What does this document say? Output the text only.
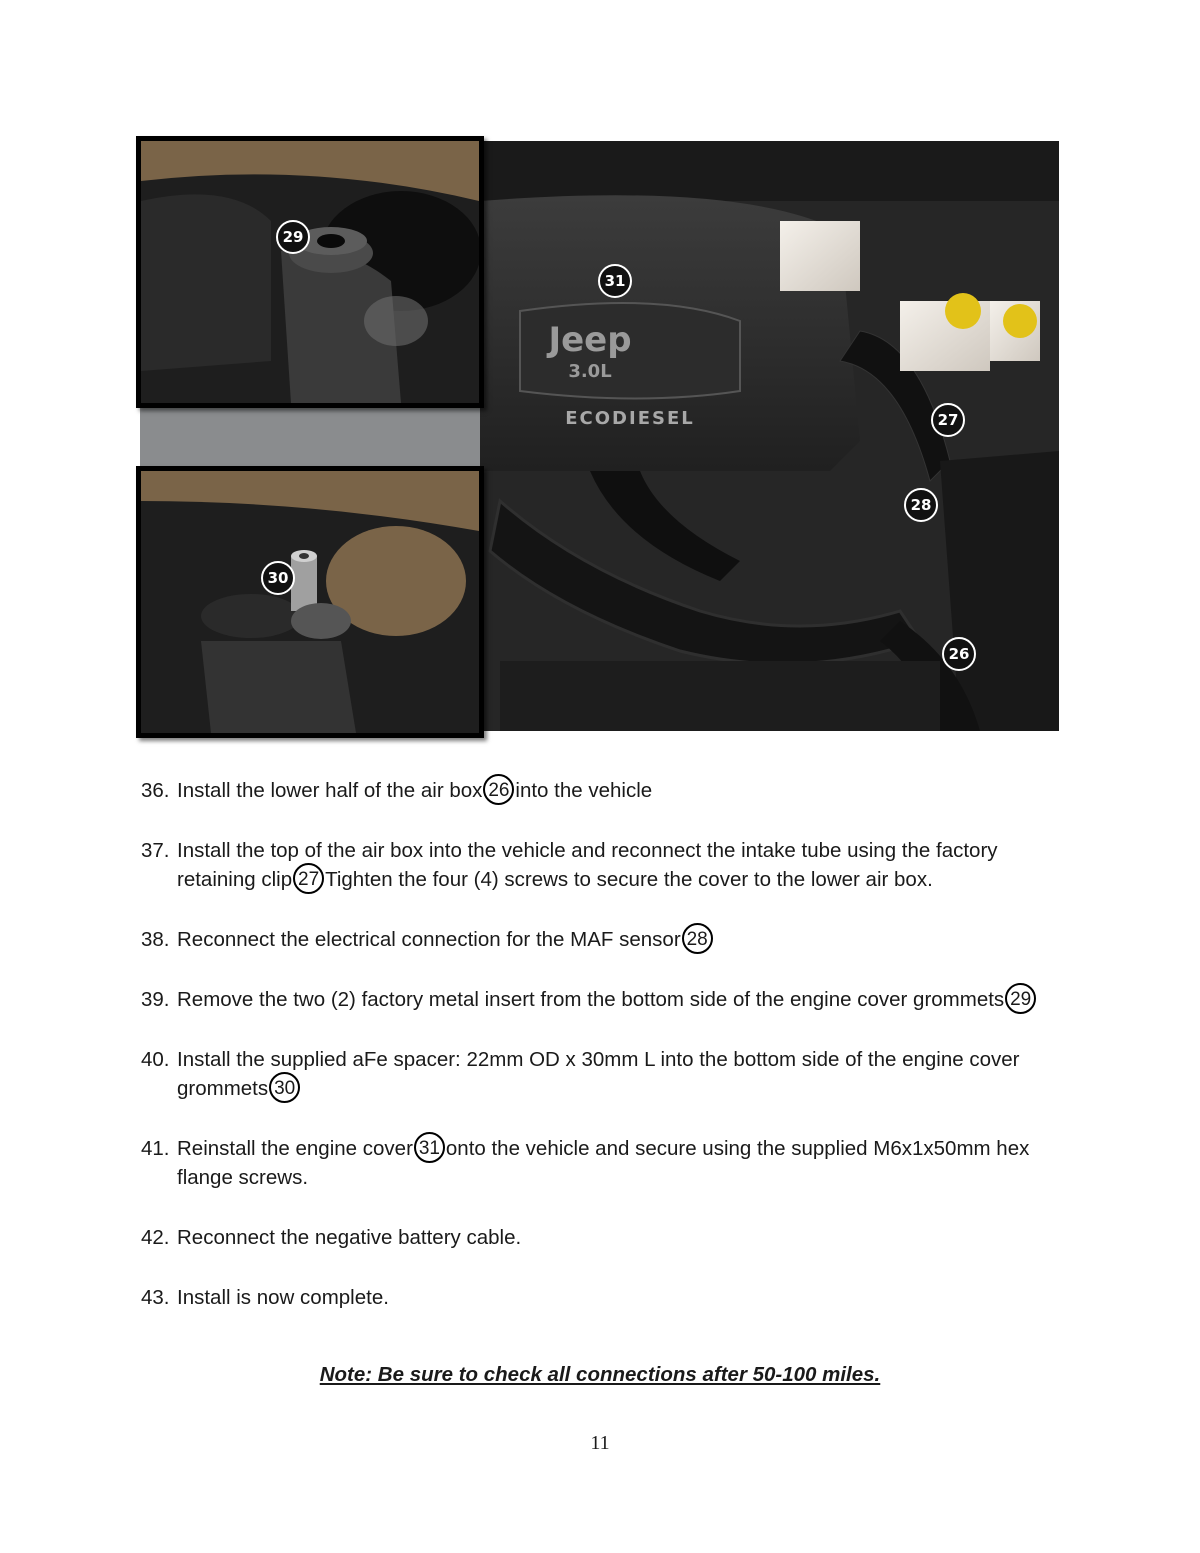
Jeep
3.0L
ECODIESEL
31
27
28
26
29
30
36. Install the lower half of the air box 26 into the vehicle
37. Install the top of the air box into the vehicle and reconnect the intake tube using the factory retaining clip 27 Tighten the four (4) screws to secure the cover to the lower air box.
38. Reconnect the electrical connection for the MAF sensor 28
39. Remove the two (2) factory metal insert from the bottom side of the engine cover grommets 29
40. Install the supplied aFe spacer: 22mm OD x 30mm L into the bottom side of the engine cover grommets 30
41. Reinstall the engine cover 31 onto the vehicle and secure using the supplied M6x1x50mm hex flange screws.
42. Reconnect the negative battery cable.
43. Install is now complete.
Note: Be sure to check all connections after 50-100 miles.
11
